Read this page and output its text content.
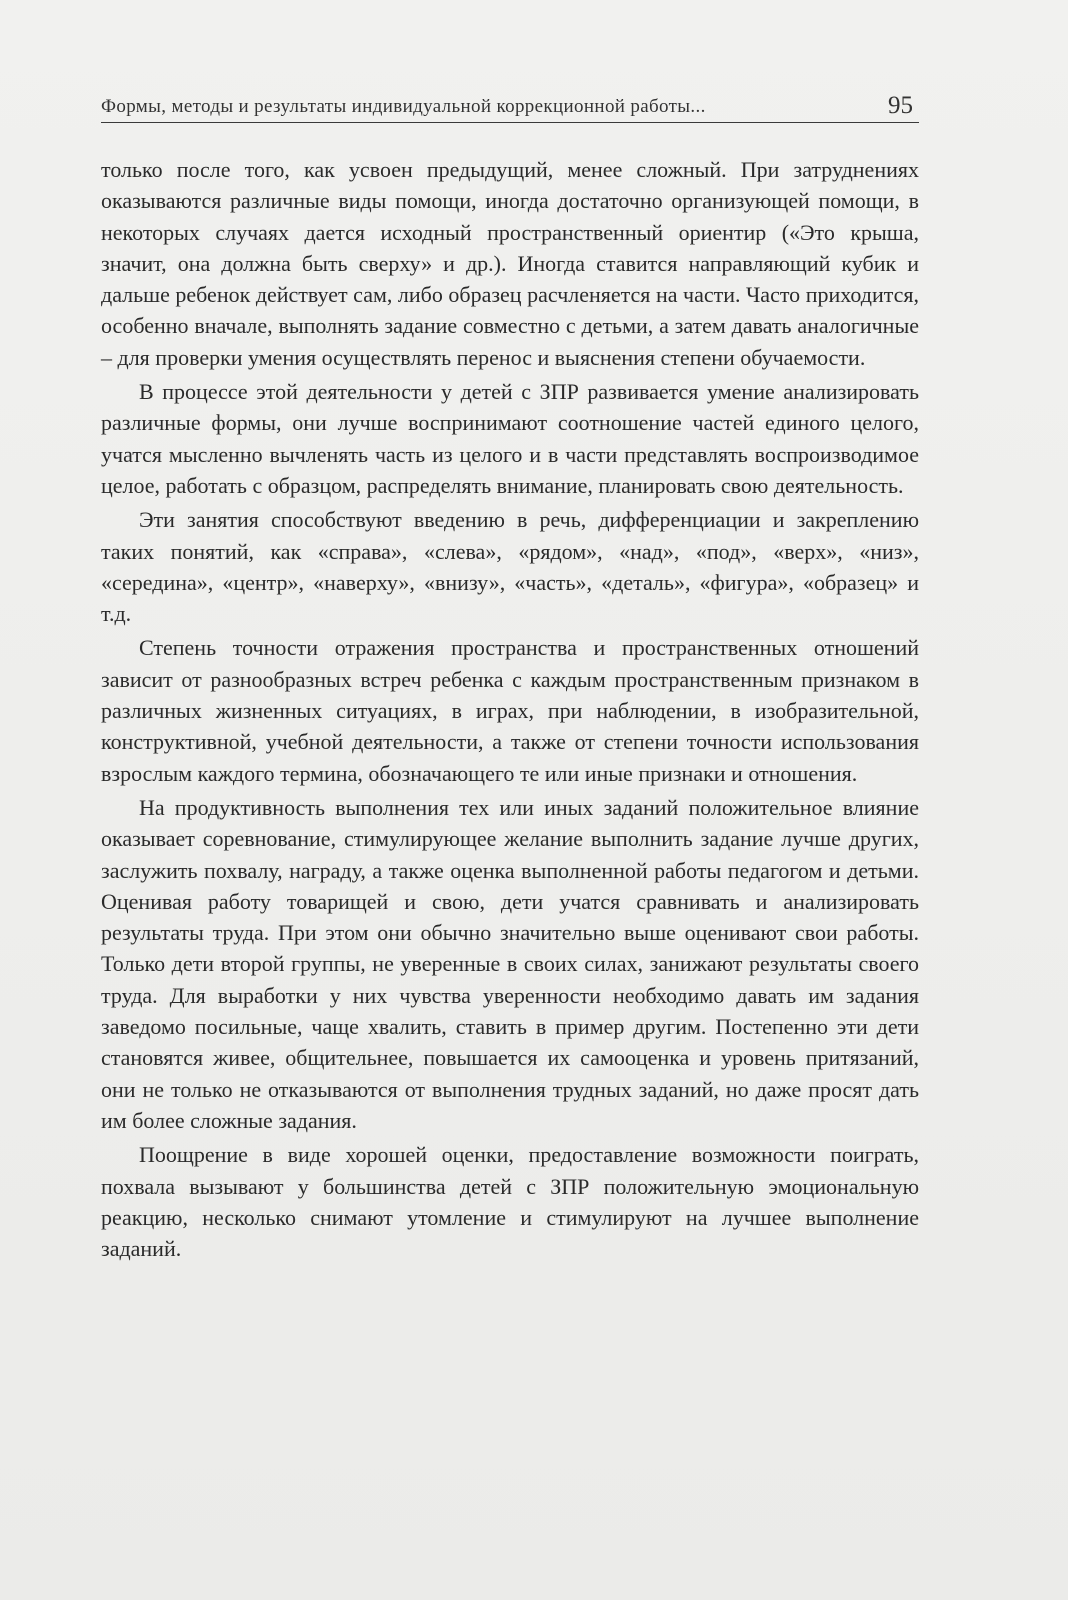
Формы, методы и результаты индивидуальной коррекционной работы...	95

только после того, как усвоен предыдущий, менее сложный. При затруднениях оказываются различные виды помощи, иногда достаточно организующей помощи, в некоторых случаях дается исходный пространственный ориентир («Это крыша, значит, она должна быть сверху» и др.). Иногда ставится направляющий кубик и дальше ребенок действует сам, либо образец расчленяется на части. Часто приходится, особенно вначале, выполнять задание совместно с детьми, а затем давать аналогичные – для проверки умения осуществлять перенос и выяснения степени обучаемости.

В процессе этой деятельности у детей с ЗПР развивается умение анализировать различные формы, они лучше воспринимают соотношение частей единого целого, учатся мысленно вычленять часть из целого и в части представлять воспроизводимое целое, работать с образцом, распределять внимание, планировать свою деятельность.

Эти занятия способствуют введению в речь, дифференциации и закреплению таких понятий, как «справа», «слева», «рядом», «над», «под», «верх», «низ», «середина», «центр», «наверху», «внизу», «часть», «деталь», «фигура», «образец» и т.д.

Степень точности отражения пространства и пространственных отношений зависит от разнообразных встреч ребенка с каждым пространственным признаком в различных жизненных ситуациях, в играх, при наблюдении, в изобразительной, конструктивной, учебной деятельности, а также от степени точности использования взрослым каждого термина, обозначающего те или иные признаки и отношения.

На продуктивность выполнения тех или иных заданий положительное влияние оказывает соревнование, стимулирующее желание выполнить задание лучше других, заслужить похвалу, награду, а также оценка выполненной работы педагогом и детьми. Оценивая работу товарищей и свою, дети учатся сравнивать и анализировать результаты труда. При этом они обычно значительно выше оценивают свои работы. Только дети второй группы, не уверенные в своих силах, занижают результаты своего труда. Для выработки у них чувства уверенности необходимо давать им задания заведомо посильные, чаще хвалить, ставить в пример другим. Постепенно эти дети становятся живее, общительнее, повышается их самооценка и уровень притязаний, они не только не отказываются от выполнения трудных заданий, но даже просят дать им более сложные задания.

Поощрение в виде хорошей оценки, предоставление возможности поиграть, похвала вызывают у большинства детей с ЗПР положительную эмоциональную реакцию, несколько снимают утомление и стимулируют на лучшее выполнение заданий.
